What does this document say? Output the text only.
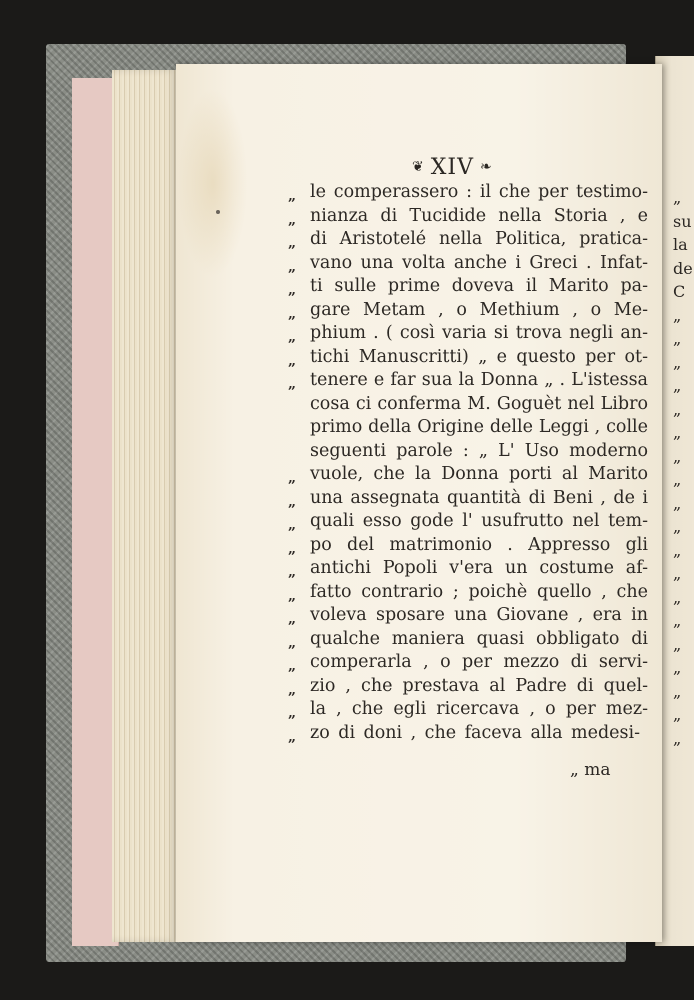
❦ XIV ❧
„ le comperassero : il che per testimo-
„ nianza di Tucidide nella Storia , e
„ di Aristotelé nella Politica, pratica-
„ vano una volta anche i Greci . Infat-
„ ti sulle prime doveva il Marito pa-
„ gare Metam , o Methium , o Me-
„ phium . ( così varia si trova negli an-
„ tichi Manuscritti) „ e questo per ot-
„ tenere e far sua la Donna „ . L'istessa
cosa ci conferma M. Goguèt nel Libro
primo della Origine delle Leggi , colle
seguenti parole : „ L' Uso moderno
„ vuole, che la Donna porti al Marito
„ una assegnata quantità di Beni , de i
„ quali esso gode l' usufrutto nel tem-
„ po del matrimonio . Appresso gli
„ antichi Popoli v'era un costume af-
„ fatto contrario ; poichè quello , che
„ voleva sposare una Giovane , era in
„ qualche maniera quasi obbligato di
„ comperarla , o per mezzo di servi-
„ zio , che prestava al Padre di quel-
„ la , che egli ricercava , o per mez-
„ zo di doni , che faceva alla medesi-
„ ma
„
su
la
de
C
„
„
„
„
„
„
„
„
„
„
„
„
„
„
„
„
„
„
„
